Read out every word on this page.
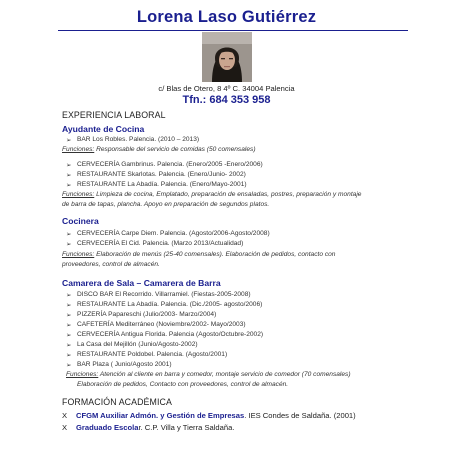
Lorena Laso Gutiérrez
c/ Blas de Otero, 8 4º C. 34004 Palencia
Tfn.: 684 353 958
EXPERIENCIA LABORAL
Ayudante de Cocina
➢ BAR Los Robles. Palencia. (2010 – 2013)
Funciones: Responsable del servicio de comidas (50 comensales)
➢ CERVECERÍA Gambrinus. Palencia. (Enero/2005 -Enero/2006)
➢ RESTAURANTE Skarlotas. Palencia. (Enero/Junio- 2002)
➢ RESTAURANTE La Abadía. Palencia. (Enero/Mayo-2001)
Funciones: Limpieza de cocina, Emplatado, preparación de ensaladas, postres, preparación y montaje
de barra de tapas, plancha. Apoyo en preparación de segundos platos.
Cocinera
➢ CERVECERÍA Carpe Diem. Palencia. (Agosto/2006-Agosto/2008)
➢ CERVECERÍA El Cid. Palencia. (Marzo 2013/Actualidad)
Funciones: Elaboración de menús (25-40 comensales). Elaboración de pedidos, contacto con
proveedores, control de almacén.
Camarera de Sala – Camarera de Barra
➢ DISCO BAR El Recorrido. Villarramiel. (Fiestas-2005-2008)
➢ RESTAURANTE La Abadía. Palencia. (Dic./2005- agosto/2006)
➢ PIZZERÍA Papareschi (Julio/2003- Marzo/2004)
➢ CAFETERÍA Mediterráneo (Noviembre/2002- Mayo/2003)
➢ CERVECERÍA Antigua Florida. Palencia (Agosto/Octubre-2002)
➢ La Casa del Mejillón (Junio/Agosto-2002)
➢ RESTAURANTE Poldobel. Palencia. (Agosto/2001)
➢ BAR Plaza ( Junio/Agosto 2001)
Funciones: Atención al cliente en barra y comedor, montaje servicio de comedor (70 comensales)
Elaboración de pedidos, Contacto con proveedores, control de almacén.
FORMACIÓN ACADÉMICA
X CFGM Auxiliar Admón. y Gestión de Empresas. IES Condes de Saldaña. (2001)
X Graduado Escolar. C.P. Villa y Tierra Saldaña.
